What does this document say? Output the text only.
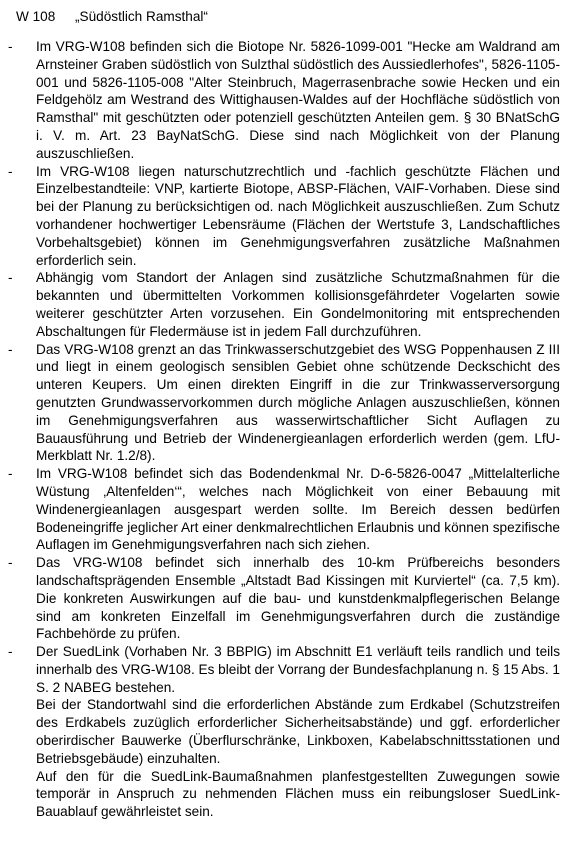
W 108	„Südöstlich Ramsthal“
-	Im VRG-W108 befinden sich die Biotope Nr. 5826-1099-001 "Hecke am Waldrand am Arnsteiner Graben südöstlich von Sulzthal südöstlich des Aussiedlerhofes", 5826-1105-001 und 5826-1105-008 "Alter Steinbruch, Magerrasenbrache sowie Hecken und ein Feldgehölz am Westrand des Wittighausen-Waldes auf der Hochfläche südöstlich von Ramsthal" mit geschützten oder potenziell geschützten Anteilen gem. § 30 BNatSchG i. V. m. Art. 23 BayNatSchG. Diese sind nach Möglichkeit von der Planung auszuschließen.
-	Im VRG-W108 liegen naturschutzrechtlich und -fachlich geschützte Flächen und Einzelbestandteile: VNP, kartierte Biotope, ABSP-Flächen, VAIF-Vorhaben. Diese sind bei der Planung zu berücksichtigen od. nach Möglichkeit auszuschließen. Zum Schutz vorhandener hochwertiger Lebensräume (Flächen der Wertstufe 3, Landschaftliches Vorbehaltsgebiet) können im Genehmigungsverfahren zusätzliche Maßnahmen erforderlich sein.
-	Abhängig vom Standort der Anlagen sind zusätzliche Schutzmaßnahmen für die bekannten und übermittelten Vorkommen kollisionsgefährdeter Vogelarten sowie weiterer geschützter Arten vorzusehen. Ein Gondelmonitoring mit entsprechenden Abschaltungen für Fledermäuse ist in jedem Fall durchzuführen.
-	Das VRG-W108 grenzt an das Trinkwasserschutzgebiet des WSG Poppenhausen Z III und liegt in einem geologisch sensiblen Gebiet ohne schützende Deckschicht des unteren Keupers. Um einen direkten Eingriff in die zur Trinkwasserversorgung genutzten Grundwasservorkommen durch mögliche Anlagen auszuschließen, können im Genehmigungsverfahren aus wasserwirtschaftlicher Sicht Auflagen zu Bauausführung und Betrieb der Windenergieanlagen erforderlich werden (gem. LfU- Merkblatt Nr. 1.2/8).
-	Im VRG-W108 befindet sich das Bodendenkmal Nr. D-6-5826-0047 „Mittelalterliche Wüstung ‚Altenfelden‘“, welches nach Möglichkeit von einer Bebauung mit Windenergieanlagen ausgespart werden sollte. Im Bereich dessen bedürfen Bodeneingriffe jeglicher Art einer denkmalrechtlichen Erlaubnis und können spezifische Auflagen im Genehmigungsverfahren nach sich ziehen.
-	Das VRG-W108 befindet sich innerhalb des 10-km Prüfbereichs besonders landschaftsprägenden Ensemble „Altstadt Bad Kissingen mit Kurviertel“ (ca. 7,5 km). Die konkreten Auswirkungen auf die bau- und kunstdenkmalpflegerischen Belange sind am konkreten Einzelfall im Genehmigungsverfahren durch die zuständige Fachbehörde zu prüfen.
-	Der SuedLink (Vorhaben Nr. 3 BBPlG) im Abschnitt E1 verläuft teils randlich und teils innerhalb des VRG-W108. Es bleibt der Vorrang der Bundesfachplanung n. § 15 Abs. 1 S. 2 NABEG bestehen.
Bei der Standortwahl sind die erforderlichen Abstände zum Erdkabel (Schutzstreifen des Erdkabels zuzüglich erforderlicher Sicherheitsabstände) und ggf. erforderlicher oberirdischer Bauwerke (Überflurschränke, Linkboxen, Kabelabschnittsstationen und Betriebsgebäude) einzuhalten.
Auf den für die SuedLink-Baumaßnahmen planfestgestellten Zuwegungen sowie temporär in Anspruch zu nehmenden Flächen muss ein reibungsloser SuedLink-Bauablauf gewährleistet sein.
